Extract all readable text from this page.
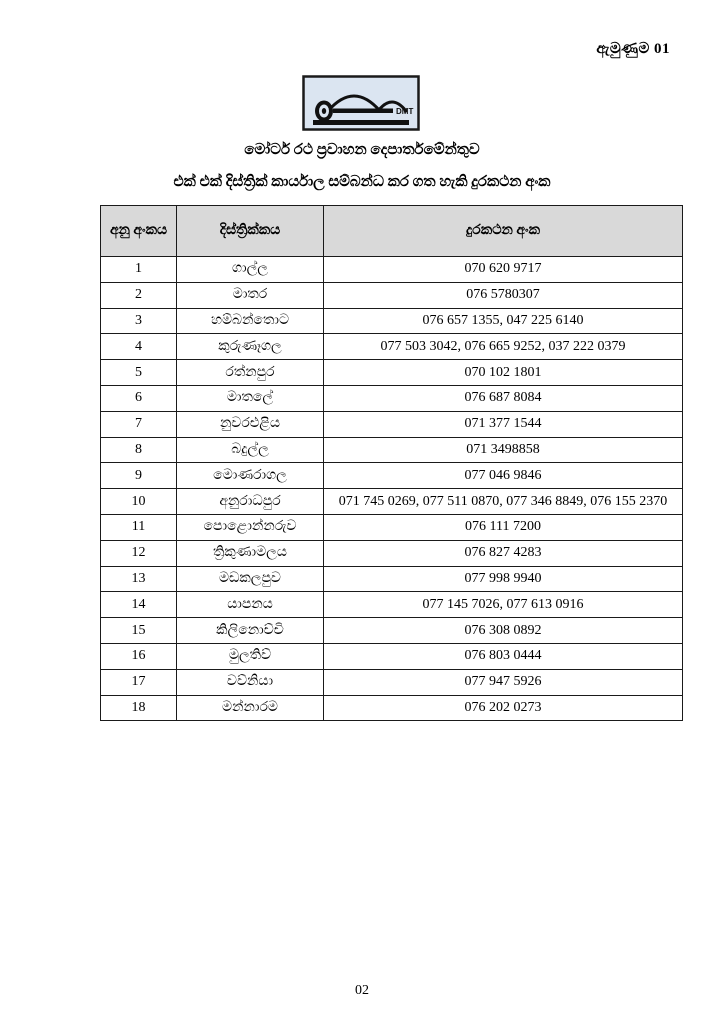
ඇමුණුම 01
DMT
මෝටර් රථ ප්‍රවාහන දෙපාර්තමේන්තුව
එක් එක් දිස්ත්‍රික් කාර්යාල සම්බන්ධ කර ගත හැකි දුරකථන අංක
අනු අංකය	දිස්ත්‍රික්කය	දුරකථන අංක
1	ගාල්ල	070 620 9717
2	මාතර	076 5780307
3	හම්බන්තොට	076 657 1355, 047 225 6140
4	කුරුණෑගල	077 503 3042, 076 665 9252, 037 222 0379
5	රත්නපුර	070 102 1801
6	මාතලේ	076 687 8084
7	නුවරඑළිය	071 377 1544
8	බදුල්ල	071 3498858
9	මොණරාගල	077 046 9846
10	අනුරාධපුර	071 745 0269, 077 511 0870, 077 346 8849, 076 155 2370
11	පොළොන්නරුව	076 111 7200
12	ත්‍රිකුණාමලය	076 827 4283
13	මඩකලපුව	077 998 9940
14	යාපනය	077 145 7026, 077 613 0916
15	කිලිනොච්චි	076 308 0892
16	මුලතිව්	076 803 0444
17	වව්නියා	077 947 5926
18	මන්නාරම	076 202 0273
02
